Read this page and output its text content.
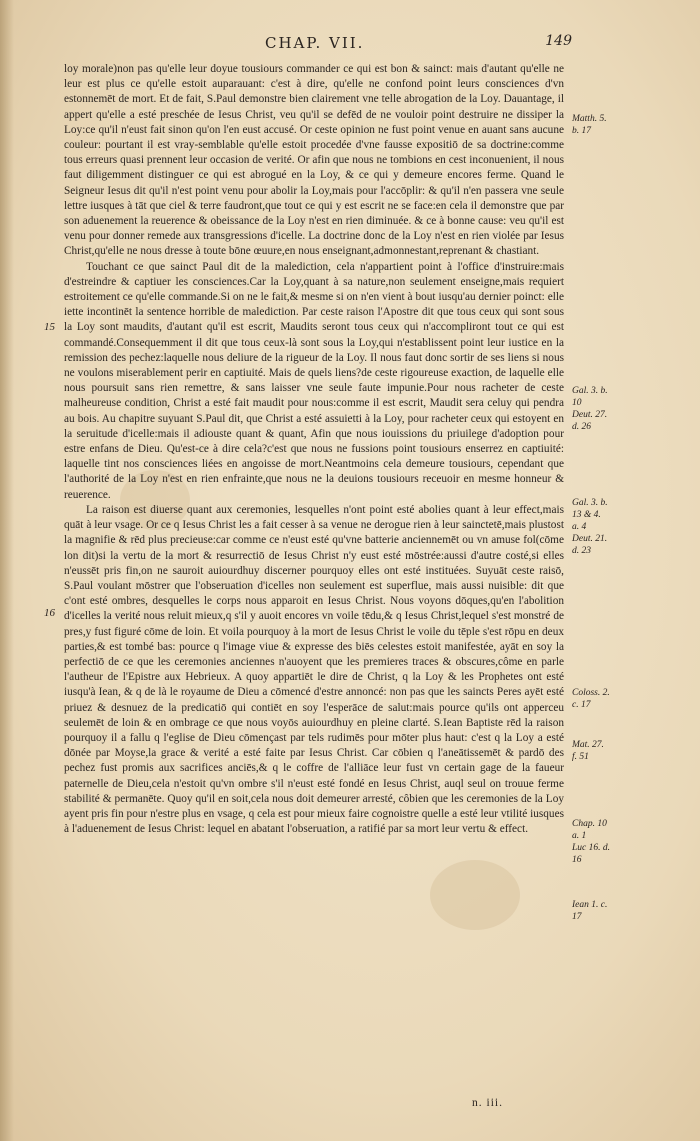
CHAP. VII.	149
15
16

loy morale)non pas qu'elle leur doyue tousiours commander ce qui est bon & sainct: mais d'autant qu'elle ne leur est plus ce qu'elle estoit auparauant: c'est à dire, qu'elle ne confond point leurs consciences d'vn estonnemēt de mort. Et de fait, S.Paul demonstre bien clairement vne telle abrogation de la Loy. Dauantage, il appert qu'elle a esté preschée de Iesus Christ, veu qu'il se defēd de ne vouloir point destruire ne dissiper la Loy:ce qu'il n'eust fait sinon qu'on l'en eust accusé. Or ceste opinion ne fust point venue en auant sans aucune couleur: pourtant il est vray-semblable qu'elle estoit procedée d'vne fausse expositiō de sa doctrine:comme tous erreurs quasi prennent leur occasion de verité. Or afin que nous ne tombions en cest inconuenient, il nous faut diligemment distinguer ce qui est abrogué en la Loy, & ce qui y demeure encores ferme. Quand le Seigneur Iesus dit qu'il n'est point venu pour abolir la Loy,mais pour l'accōplir: & qu'il n'en passera vne seule lettre iusques à tāt que ciel & terre faudront,que tout ce qui y est escrit ne se face:en cela il demonstre que par son aduenement la reuerence & obeissance de la Loy n'est en rien diminuée. & ce à bonne cause: veu qu'il est venu pour donner remede aux transgressions d'icelle. La doctrine donc de la Loy n'est en rien violée par Iesus Christ,qu'elle ne nous dresse à toute bōne œuure,en nous enseignant,admonnestant,reprenant & chastiant.

Touchant ce que sainct Paul dit de la malediction, cela n'appartient point à l'office d'instruire:mais d'estreindre & captiuer les consciences.Car la Loy,quant à sa nature,non seulement enseigne,mais requiert estroitement ce qu'elle commande.Si on ne le fait,& mesme si on n'en vient à bout iusqu'au dernier poinct: elle iette incontinēt la sentence horrible de malediction. Par ceste raison l'Apostre dit que tous ceux qui sont sous la Loy sont maudits, d'autant qu'il est escrit, Maudits seront tous ceux qui n'accompliront tout ce qui est commandé.Consequemment il dit que tous ceux-là sont sous la Loy,qui n'establissent point leur iustice en la remission des pechez:laquelle nous deliure de la rigueur de la Loy. Il nous faut donc sortir de ses liens si nous ne voulons miserablement perir en captiuité. Mais de quels liens?de ceste rigoureuse exaction, de laquelle elle nous poursuit sans rien remettre, & sans laisser vne seule faute impunie.Pour nous racheter de ceste malheureuse condition, Christ a esté fait maudit pour nous:comme il est escrit, Maudit sera celuy qui pendra au bois. Au chapitre suyuant S.Paul dit, que Christ a esté assuietti à la Loy, pour racheter ceux qui estoyent en la seruitude d'icelle:mais il adiouste quant & quant, Afin que nous iouissions du priuilege d'adoption pour estre enfans de Dieu. Qu'est-ce à dire cela?c'est que nous ne fussions point tousiours enserrez en captiuité: laquelle tint nos consciences liées en angoisse de mort.Neantmoins cela demeure tousiours, cependant que l'authorité de la Loy n'est en rien enfrainte,que nous ne la deuions tousiours receuoir en mesme honneur & reuerence.

La raison est diuerse quant aux ceremonies, lesquelles n'ont point esté abolies quant à leur effect,mais quāt à leur vsage. Or ce q Iesus Christ les a fait cesser à sa venue ne derogue rien à leur sainctetē,mais plustost la magnifie & rēd plus precieuse:car comme ce n'eust esté qu'vne batterie anciennemēt ou vn amuse fol(cōme lon dit)si la vertu de la mort & resurrectiō de Iesus Christ n'y eust esté mōstrée:aussi d'autre costé,si elles n'eussēt pris fin,on ne sauroit auiourdhuy discerner pourquoy elles ont esté instituées. Suyuāt ceste raisō, S.Paul voulant mōstrer que l'obseruation d'icelles non seulement est superflue, mais aussi nuisible: dit que c'ont esté ombres, desquelles le corps nous apparoit en Iesus Christ. Nous voyons dōques,qu'en l'abolition d'icelles la verité nous reluit mieux,q s'il y auoit encores vn voile tēdu,& q Iesus Christ,lequel s'est monstré de pres,y fust figuré cōme de loin. Et voila pourquoy à la mort de Iesus Christ le voile du tēple s'est rōpu en deux parties,& est tombé bas: pource q l'image viue & expresse des biēs celestes estoit manifestée, ayāt en soy la perfectiō de ce que les ceremonies anciennes n'auoyent que les premieres traces & obscures,côme en parle l'autheur de l'Epistre aux Hebrieux. A quoy appartiēt le dire de Christ, q la Loy & les Prophetes ont esté iusqu'à Iean, & q de là le royaume de Dieu a cōmencé d'estre annoncé: non pas que les saincts Peres ayēt esté priuez & desnuez de la predicatiō qui contiēt en soy l'esperāce de salut:mais pource qu'ils ont apperceu seulemēt de loin & en ombrage ce que nous voyōs auiourdhuy en pleine clarté. S.Iean Baptiste rēd la raison pourquoy il a fallu q l'eglise de Dieu cōmençast par tels rudimēs pour mōter plus haut: c'est q la Loy a esté dōnée par Moyse,la grace & verité a esté faite par Iesus Christ. Car cōbien q l'aneātissemēt & pardō des pechez fust promis aux sacrifices anciēs,& q le coffre de l'alliāce leur fust vn certain gage de la faueur paternelle de Dieu,cela n'estoit qu'vn ombre s'il n'eust esté fondé en Iesus Christ, auql seul on trouue ferme stabilité & permanēte. Quoy qu'il en soit,cela nous doit demeurer arresté, côbien que les ceremonies de la Loy ayent pris fin pour n'estre plus en vsage, q cela est pour mieux faire cognoistre quelle a esté leur vtilité iusques à l'aduenement de Iesus Christ: lequel en abatant l'obseruation, a ratifié par sa mort leur vertu & effect.

Matth. 5.
b. 17
Gal. 3. b.
10
Deut. 27.
d. 26
Gal. 3. b.
13 & 4.
a. 4
Deut. 21.
d. 23
Coloss. 2.
c. 17
Mat. 27.
f. 51
Chap. 10
a. 1
Luc 16. d.
16
Iean 1. c.
17
n. iii.
